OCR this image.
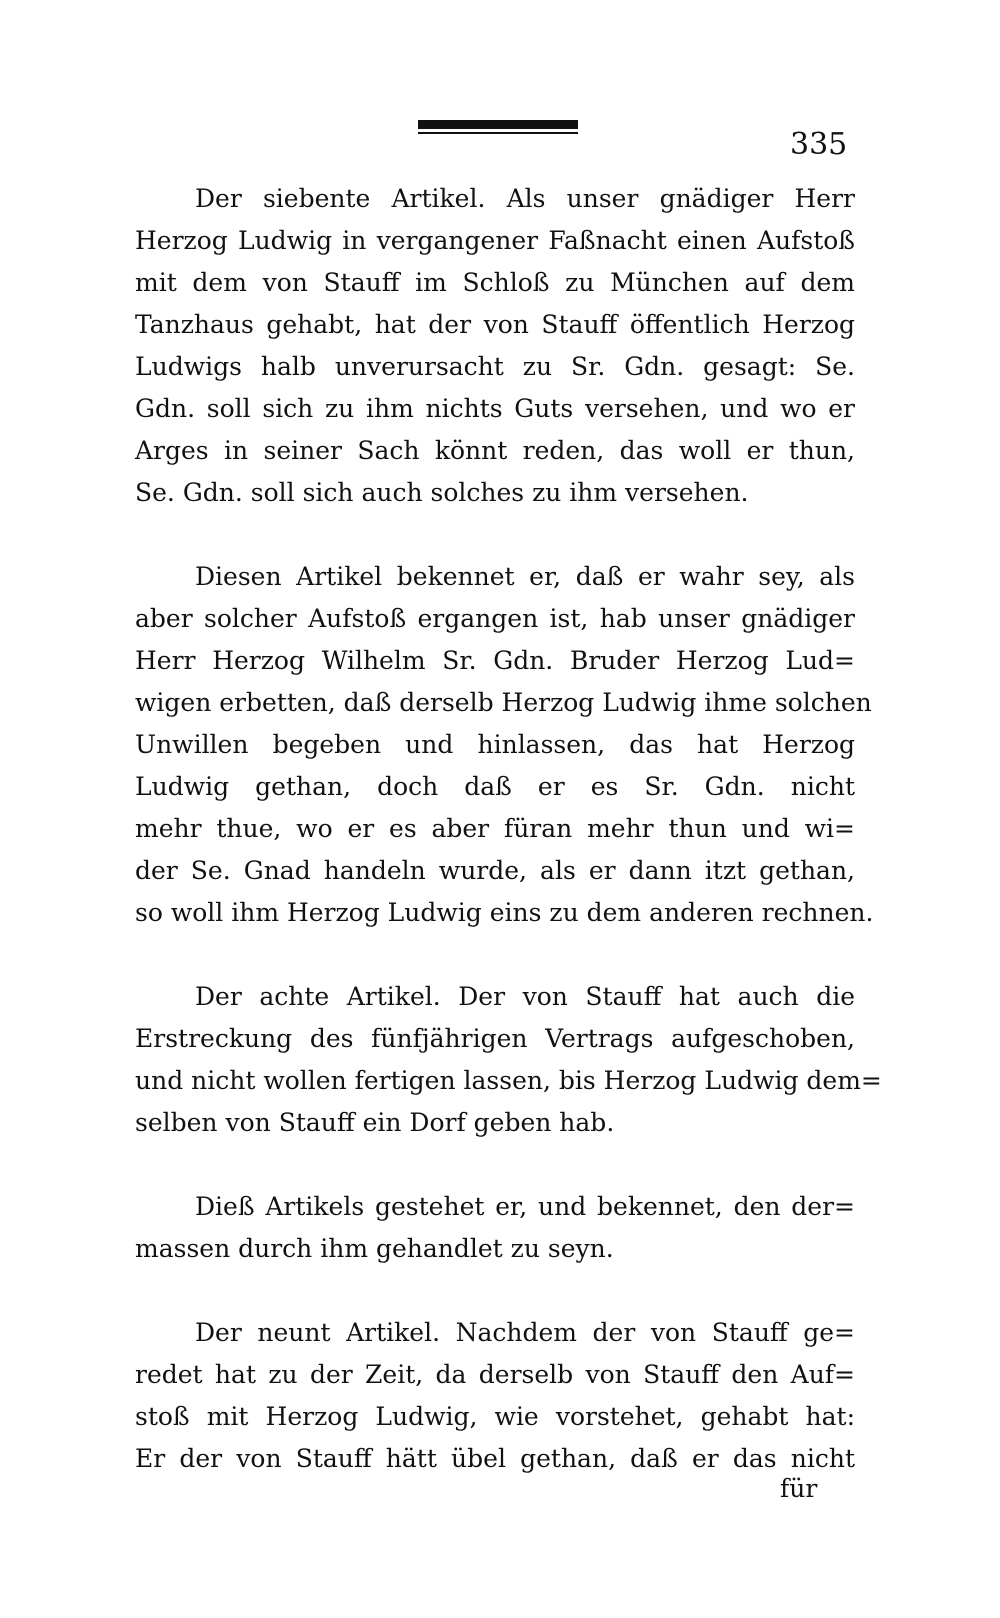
335
Der siebente Artikel. Als unser gnädiger Herr
Herzog Ludwig in vergangener Faßnacht einen Aufstoß
mit dem von Stauff im Schloß zu München auf dem
Tanzhaus gehabt, hat der von Stauff öffentlich Herzog
Ludwigs halb unverursacht zu Sr. Gdn. gesagt: Se.
Gdn. soll sich zu ihm nichts Guts versehen, und wo er
Arges in seiner Sach könnt reden, das woll er thun,
Se. Gdn. soll sich auch solches zu ihm versehen.
Diesen Artikel bekennet er, daß er wahr sey, als
aber solcher Aufstoß ergangen ist, hab unser gnädiger
Herr Herzog Wilhelm Sr. Gdn. Bruder Herzog Lud=
wigen erbetten, daß derselb Herzog Ludwig ihme solchen
Unwillen begeben und hinlassen, das hat Herzog
Ludwig gethan, doch daß er es Sr. Gdn. nicht
mehr thue, wo er es aber füran mehr thun und wi=
der Se. Gnad handeln wurde, als er dann itzt gethan,
so woll ihm Herzog Ludwig eins zu dem anderen rechnen.
Der achte Artikel. Der von Stauff hat auch die
Erstreckung des fünfjährigen Vertrags aufgeschoben,
und nicht wollen fertigen lassen, bis Herzog Ludwig dem=
selben von Stauff ein Dorf geben hab.
Dieß Artikels gestehet er, und bekennet, den der=
massen durch ihm gehandlet zu seyn.
Der neunt Artikel. Nachdem der von Stauff ge=
redet hat zu der Zeit, da derselb von Stauff den Auf=
stoß mit Herzog Ludwig, wie vorstehet, gehabt hat:
Er der von Stauff hätt übel gethan, daß er das nicht
für
